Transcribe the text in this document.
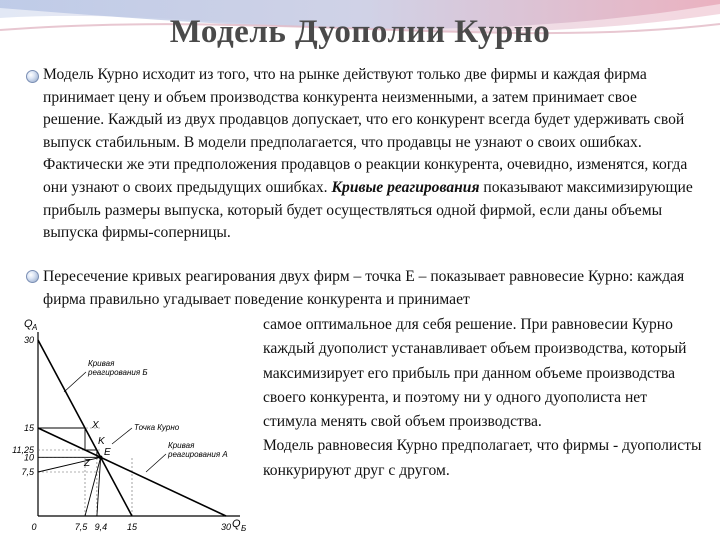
Модель Дуополии Курно
Модель Курно исходит из того, что на рынке действуют только две фирмы и каждая фирма принимает цену и объем производства конкурента неизменными, а затем принимает свое решение. Каждый из двух продавцов допускает, что его конкурент всегда будет удерживать свой выпуск стабильным. В модели предполагается, что продавцы не узнают о своих ошибках. Фактически же эти предположения продавцов о реакции конкурента, очевидно, изменятся, когда они узнают о своих предыдущих ошибках. Кривые реагирования показывают максимизирующие прибыль размеры выпуска, который будет осуществляться одной фирмой, если даны объемы выпуска фирмы-соперницы.
Пересечение кривых реагирования двух фирм – точка E – показывает равновесие Курно: каждая фирма правильно угадывает поведение конкурента и принимает
самое оптимальное для себя решение. При равновесии Курно каждый дуополист устанавливает объем производства, который максимизирует его прибыль при данном объеме производства своего конкурента, и поэтому ни у одного дуополиста нет стимула менять свой объем производства.
Модель равновесия Курно предполагает, что фирмы - дуополисты конкурируют друг с другом.
30
15
11,25
10
7,5
0	7,5 9,4 15	30
Q A
Q Б
Кривая
реагирования Б
Точка Курно
Кривая
реагирования А
X
K
E
Z
